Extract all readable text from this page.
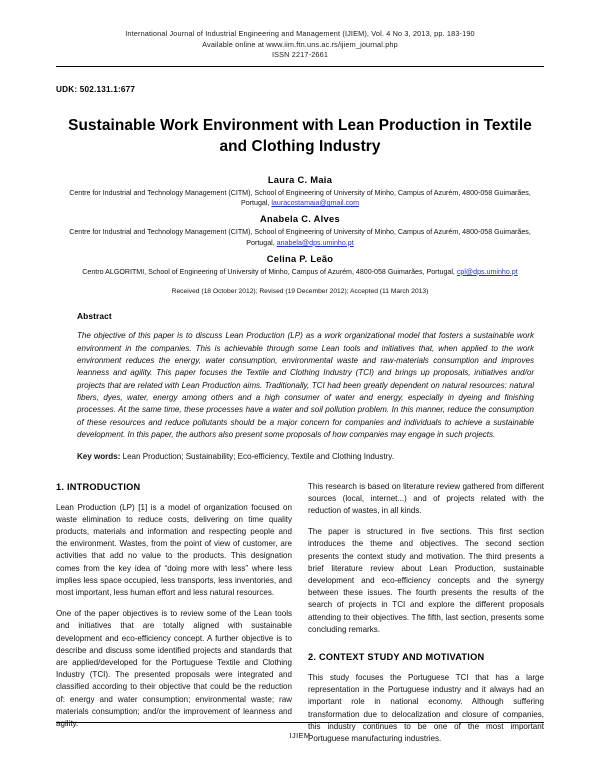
International Journal of Industrial Engineering and Management (IJIEM), Vol. 4 No 3, 2013, pp. 183-190
Available online at www.iim.ftn.uns.ac.rs/ijiem_journal.php
ISSN 2217-2661
UDK: 502.131.1:677
Sustainable Work Environment with Lean Production in Textile and Clothing Industry
Laura C. Maia
Centre for Industrial and Technology Management (CITM), School of Engineering of University of Minho, Campus of Azurém, 4800-058 Guimarães, Portugal, lauracostamaia@gmail.com
Anabela C. Alves
Centre for Industrial and Technology Management (CITM), School of Engineering of University of Minho, Campus of Azurém, 4800-058 Guimarães, Portugal, anabela@dps.uminho.pt
Celina P. Leão
Centro ALGORITMI, School of Engineering of University of Minho, Campus of Azurém, 4800-058 Guimarães, Portugal, cpl@dps.uminho.pt
Received (18 October 2012); Revised (19 December 2012); Accepted (11 March 2013)
Abstract
The objective of this paper is to discuss Lean Production (LP) as a work organizational model that fosters a sustainable work environment in the companies. This is achievable through some Lean tools and initiatives that, when applied to the work environment reduces the energy, water consumption, environmental waste and raw-materials consumption and improves leanness and agility. This paper focuses the Textile and Clothing Industry (TCI) and brings up proposals, initiatives and/or projects that are related with Lean Production aims. Traditionally, TCI had been greatly dependent on natural resources: natural fibers, dyes, water, energy among others and a high consumer of water and energy, especially in dyeing and finishing processes. At the same time, these processes have a water and soil pollution problem. In this manner, reduce the consumption of these resources and reduce pollutants should be a major concern for companies and individuals to achieve a sustainable development. In this paper, the authors also present some proposals of how companies may engage in such projects.
Key words: Lean Production; Sustainability; Eco-efficiency, Textile and Clothing Industry.
1. INTRODUCTION

Lean Production (LP) [1] is a model of organization focused on waste elimination to reduce costs, delivering on time quality products, materials and information and respecting people and the environment. Wastes, from the point of view of customer, are activities that add no value to the products. This designation comes from the key idea of “doing more with less” where less implies less space occupied, less transports, less inventories, and most important, less human effort and less natural resources.

One of the paper objectives is to review some of the Lean tools and initiatives that are totally aligned with sustainable development and eco-efficiency concept. A further objective is to describe and discuss some identified projects and standards that are applied/developed for the Portuguese Textile and Clothing Industry (TCI). The presented proposals were integrated and classified according to their objective that could be the reduction of: energy and water consumption; environmental waste; raw materials consumption; and/or the improvement of leanness and agility.

This research is based on literature review gathered from different sources (local, internet...) and of projects related with the reduction of wastes, in all kinds.

The paper is structured in five sections. This first section introduces the theme and objectives. The second section presents the context study and motivation. The third presents a brief literature review about Lean Production, sustainable development and eco-efficiency concepts and the synergy between these issues. The fourth presents the results of the search of projects in TCI and explore the different proposals attending to their objectives. The fifth, last section, presents some concluding remarks.

2. CONTEXT STUDY AND MOTIVATION

This study focuses the Portuguese TCI that has a large representation in the Portuguese industry and it always had an important role in national economy. Although suffering transformation due to delocalization and closure of companies, this industry continues to be one of the most important Portuguese manufacturing industries.

IJIEM
